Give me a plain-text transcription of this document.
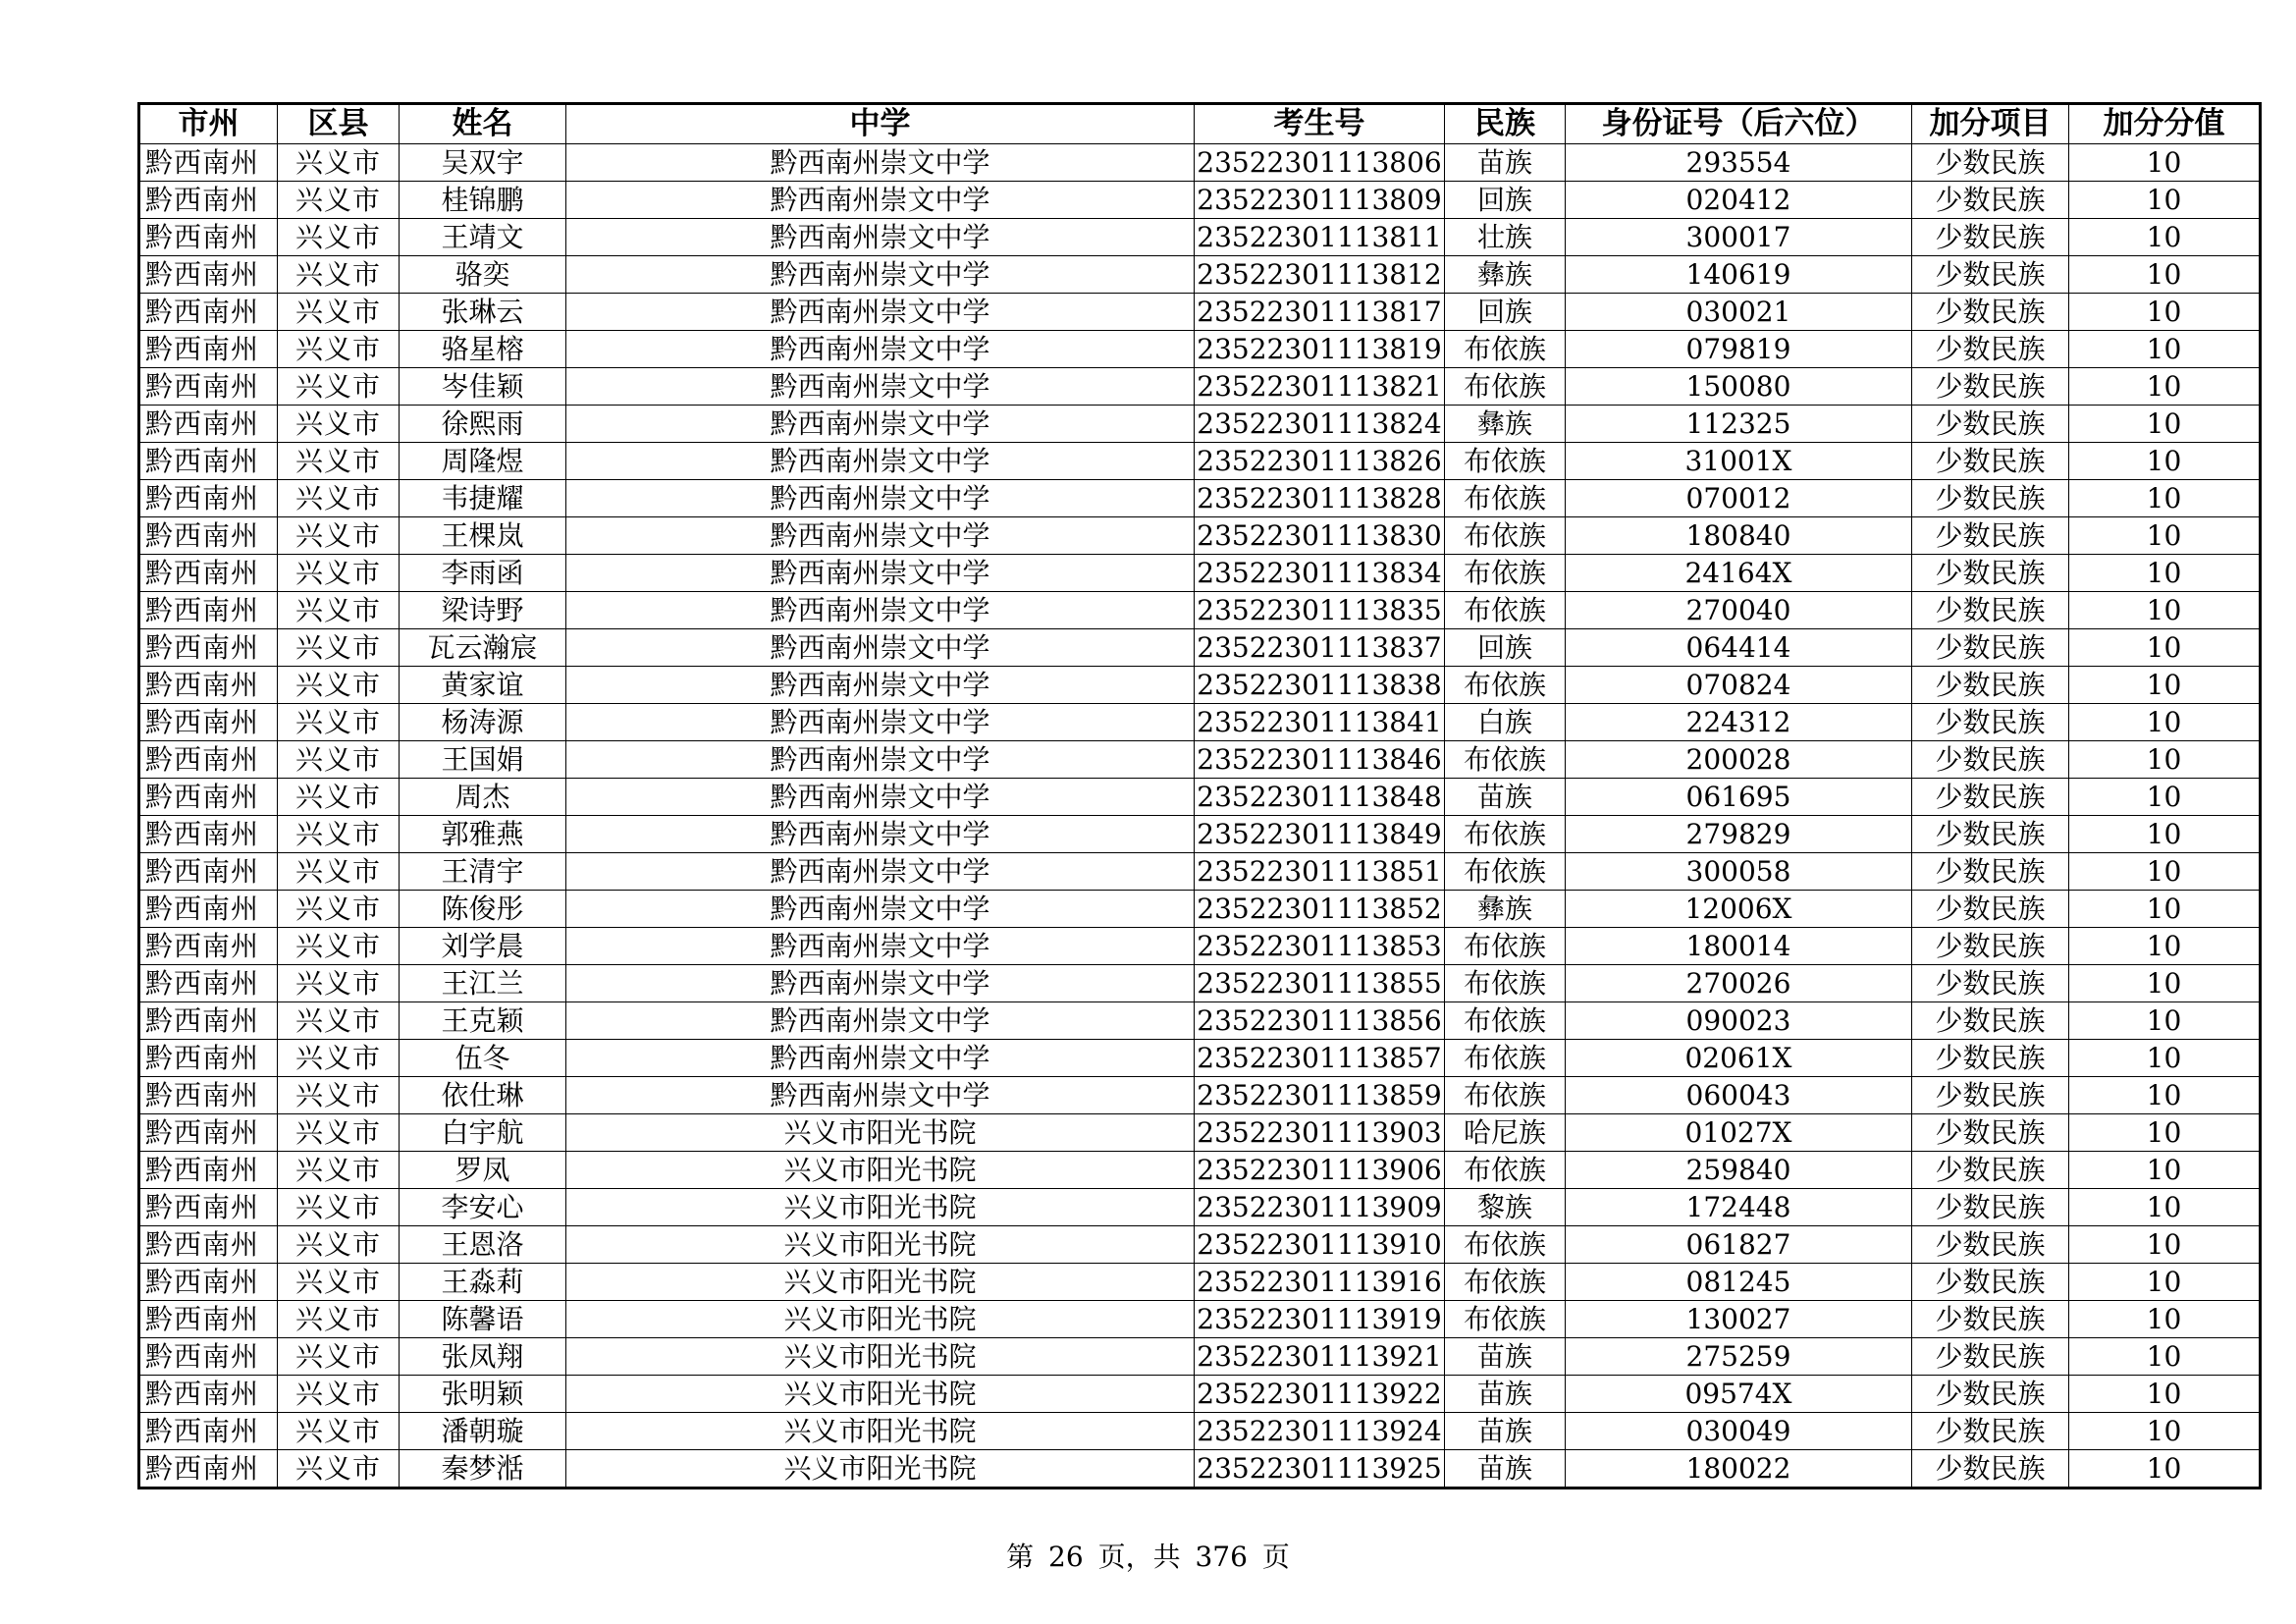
市州	区县	姓名	中学	考生号	民族	身份证号（后六位）	加分项目	加分分值
黔西南州	兴义市	吴双宇	黔西南州崇文中学	23522301113806	苗族	293554	少数民族	10
黔西南州	兴义市	桂锦鹏	黔西南州崇文中学	23522301113809	回族	020412	少数民族	10
黔西南州	兴义市	王靖文	黔西南州崇文中学	23522301113811	壮族	300017	少数民族	10
黔西南州	兴义市	骆奕	黔西南州崇文中学	23522301113812	彝族	140619	少数民族	10
黔西南州	兴义市	张琳云	黔西南州崇文中学	23522301113817	回族	030021	少数民族	10
黔西南州	兴义市	骆星榕	黔西南州崇文中学	23522301113819	布依族	079819	少数民族	10
黔西南州	兴义市	岑佳颖	黔西南州崇文中学	23522301113821	布依族	150080	少数民族	10
黔西南州	兴义市	徐熙雨	黔西南州崇文中学	23522301113824	彝族	112325	少数民族	10
黔西南州	兴义市	周隆煜	黔西南州崇文中学	23522301113826	布依族	31001X	少数民族	10
黔西南州	兴义市	韦捷耀	黔西南州崇文中学	23522301113828	布依族	070012	少数民族	10
黔西南州	兴义市	王棵岚	黔西南州崇文中学	23522301113830	布依族	180840	少数民族	10
黔西南州	兴义市	李雨函	黔西南州崇文中学	23522301113834	布依族	24164X	少数民族	10
黔西南州	兴义市	梁诗野	黔西南州崇文中学	23522301113835	布依族	270040	少数民族	10
黔西南州	兴义市	瓦云瀚宸	黔西南州崇文中学	23522301113837	回族	064414	少数民族	10
黔西南州	兴义市	黄家谊	黔西南州崇文中学	23522301113838	布依族	070824	少数民族	10
黔西南州	兴义市	杨涛源	黔西南州崇文中学	23522301113841	白族	224312	少数民族	10
黔西南州	兴义市	王国娟	黔西南州崇文中学	23522301113846	布依族	200028	少数民族	10
黔西南州	兴义市	周杰	黔西南州崇文中学	23522301113848	苗族	061695	少数民族	10
黔西南州	兴义市	郭雅燕	黔西南州崇文中学	23522301113849	布依族	279829	少数民族	10
黔西南州	兴义市	王清宇	黔西南州崇文中学	23522301113851	布依族	300058	少数民族	10
黔西南州	兴义市	陈俊彤	黔西南州崇文中学	23522301113852	彝族	12006X	少数民族	10
黔西南州	兴义市	刘学晨	黔西南州崇文中学	23522301113853	布依族	180014	少数民族	10
黔西南州	兴义市	王江兰	黔西南州崇文中学	23522301113855	布依族	270026	少数民族	10
黔西南州	兴义市	王克颖	黔西南州崇文中学	23522301113856	布依族	090023	少数民族	10
黔西南州	兴义市	伍冬	黔西南州崇文中学	23522301113857	布依族	02061X	少数民族	10
黔西南州	兴义市	依仕琳	黔西南州崇文中学	23522301113859	布依族	060043	少数民族	10
黔西南州	兴义市	白宇航	兴义市阳光书院	23522301113903	哈尼族	01027X	少数民族	10
黔西南州	兴义市	罗凤	兴义市阳光书院	23522301113906	布依族	259840	少数民族	10
黔西南州	兴义市	李安心	兴义市阳光书院	23522301113909	黎族	172448	少数民族	10
黔西南州	兴义市	王恩洛	兴义市阳光书院	23522301113910	布依族	061827	少数民族	10
黔西南州	兴义市	王淼莉	兴义市阳光书院	23522301113916	布依族	081245	少数民族	10
黔西南州	兴义市	陈馨语	兴义市阳光书院	23522301113919	布依族	130027	少数民族	10
黔西南州	兴义市	张凤翔	兴义市阳光书院	23522301113921	苗族	275259	少数民族	10
黔西南州	兴义市	张明颖	兴义市阳光书院	23522301113922	苗族	09574X	少数民族	10
黔西南州	兴义市	潘朝璇	兴义市阳光书院	23522301113924	苗族	030049	少数民族	10
黔西南州	兴义市	秦梦湉	兴义市阳光书院	23522301113925	苗族	180022	少数民族	10
第 26 页，共 376 页
